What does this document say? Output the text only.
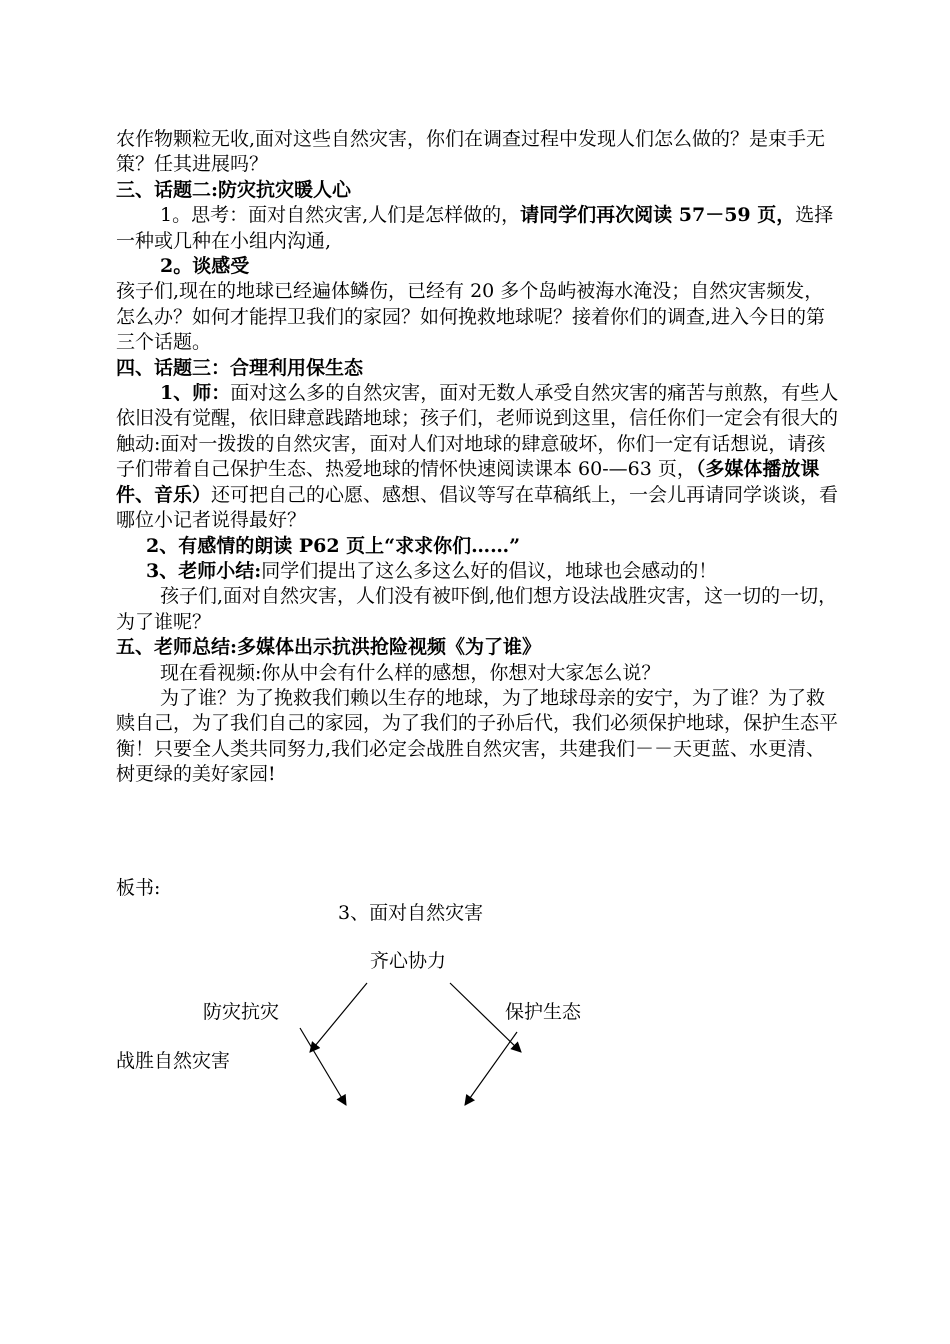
农作物颗粒无收,面对这些自然灾害，你们在调查过程中发现人们怎么做的？是束手无策？任其进展吗？

三、话题二:防灾抗灾暖人心

1。思考：面对自然灾害,人们是怎样做的，请同学们再次阅读 57－59 页，选择一种或几种在小组内沟通,

2。谈感受

孩子们,现在的地球已经遍体鳞伤，已经有 20 多个岛屿被海水淹没；自然灾害频发，怎么办？如何才能捍卫我们的家园？如何挽救地球呢？接着你们的调查,进入今日的第三个话题。

四、话题三：合理利用保生态

1、师：面对这么多的自然灾害，面对无数人承受自然灾害的痛苦与煎熬，有些人依旧没有觉醒，依旧肆意践踏地球；孩子们，老师说到这里，信任你们一定会有很大的触动:面对一拨拨的自然灾害，面对人们对地球的肆意破坏，你们一定有话想说，请孩子们带着自己保护生态、热爱地球的情怀快速阅读课本 60-—63 页，（多媒体播放课件、音乐）还可把自己的心愿、感想、倡议等写在草稿纸上，一会儿再请同学谈谈，看哪位小记者说得最好？

2、有感情的朗读 P62 页上“求求你们……”

3、老师小结:同学们提出了这么多这么好的倡议，地球也会感动的！

孩子们,面对自然灾害，人们没有被吓倒,他们想方设法战胜灾害，这一切的一切，为了谁呢？

五、老师总结:多媒体出示抗洪抢险视频《为了谁》

现在看视频:你从中会有什么样的感想，你想对大家怎么说？

为了谁？为了挽救我们赖以生存的地球，为了地球母亲的安宁，为了谁？为了救赎自己，为了我们自己的家园，为了我们的子孙后代，我们必须保护地球，保护生态平衡！只要全人类共同努力,我们必定会战胜自然灾害，共建我们－－天更蓝、水更清、树更绿的美好家园!

板书:
3、面对自然灾害
齐心协力
防灾抗灾	保护生态
战胜自然灾害
